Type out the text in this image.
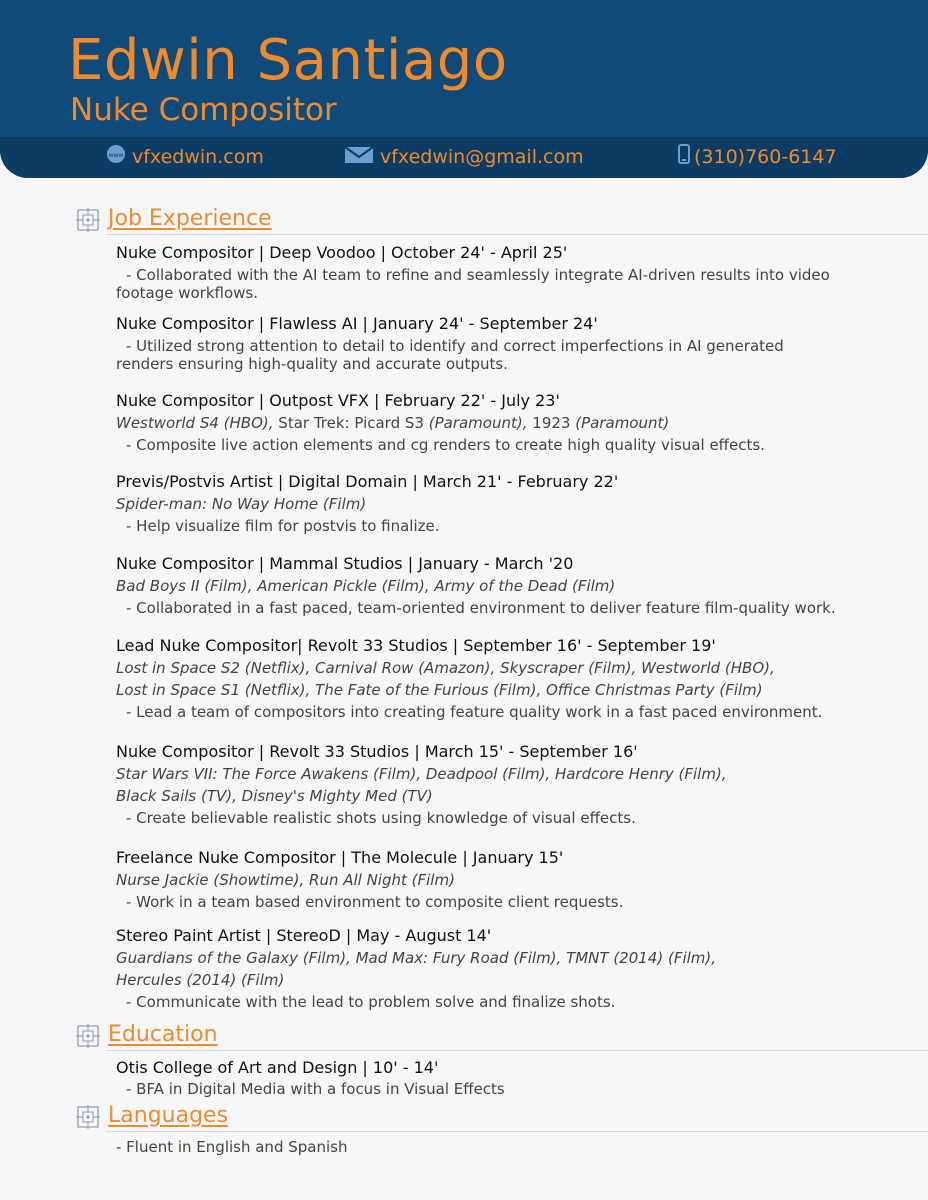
Edwin Santiago
Nuke Compositor
www vfxedwin.com	vfxedwin@gmail.com	(310)760-6147
Job Experience
Nuke Compositor | Deep Voodoo | October 24' - April 25'
- Collaborated with the AI team to refine and seamlessly integrate AI-driven results into video footage workflows.
Nuke Compositor | Flawless AI | January 24' - September 24'
- Utilized strong attention to detail to identify and correct imperfections in AI generated renders ensuring high-quality and accurate outputs.
Nuke Compositor | Outpost VFX | February 22' - July 23'
Westworld S4 (HBO), Star Trek: Picard S3 (Paramount), 1923 (Paramount)
- Composite live action elements and cg renders to create high quality visual effects.
Previs/Postvis Artist | Digital Domain | March 21' - February 22'
Spider-man: No Way Home (Film)
- Help visualize film for postvis to finalize.
Nuke Compositor | Mammal Studios | January - March '20
Bad Boys II (Film), American Pickle (Film), Army of the Dead (Film)
- Collaborated in a fast paced, team-oriented environment to deliver feature film-quality work.
Lead Nuke Compositor| Revolt 33 Studios | September 16' - September 19'
Lost in Space S2 (Netflix), Carnival Row (Amazon), Skyscraper (Film), Westworld (HBO),
Lost in Space S1 (Netflix), The Fate of the Furious (Film), Office Christmas Party (Film)
- Lead a team of compositors into creating feature quality work in a fast paced environment.
Nuke Compositor | Revolt 33 Studios | March 15' - September 16'
Star Wars VII: The Force Awakens (Film), Deadpool (Film), Hardcore Henry (Film),
Black Sails (TV), Disney's Mighty Med (TV)
- Create believable realistic shots using knowledge of visual effects.
Freelance Nuke Compositor | The Molecule | January 15'
Nurse Jackie (Showtime), Run All Night (Film)
- Work in a team based environment to composite client requests.
Stereo Paint Artist | StereoD | May - August 14'
Guardians of the Galaxy (Film), Mad Max: Fury Road (Film), TMNT (2014) (Film),
Hercules (2014) (Film)
- Communicate with the lead to problem solve and finalize shots.
Education
Otis College of Art and Design | 10' - 14'
- BFA in Digital Media with a focus in Visual Effects
Languages
- Fluent in English and Spanish
